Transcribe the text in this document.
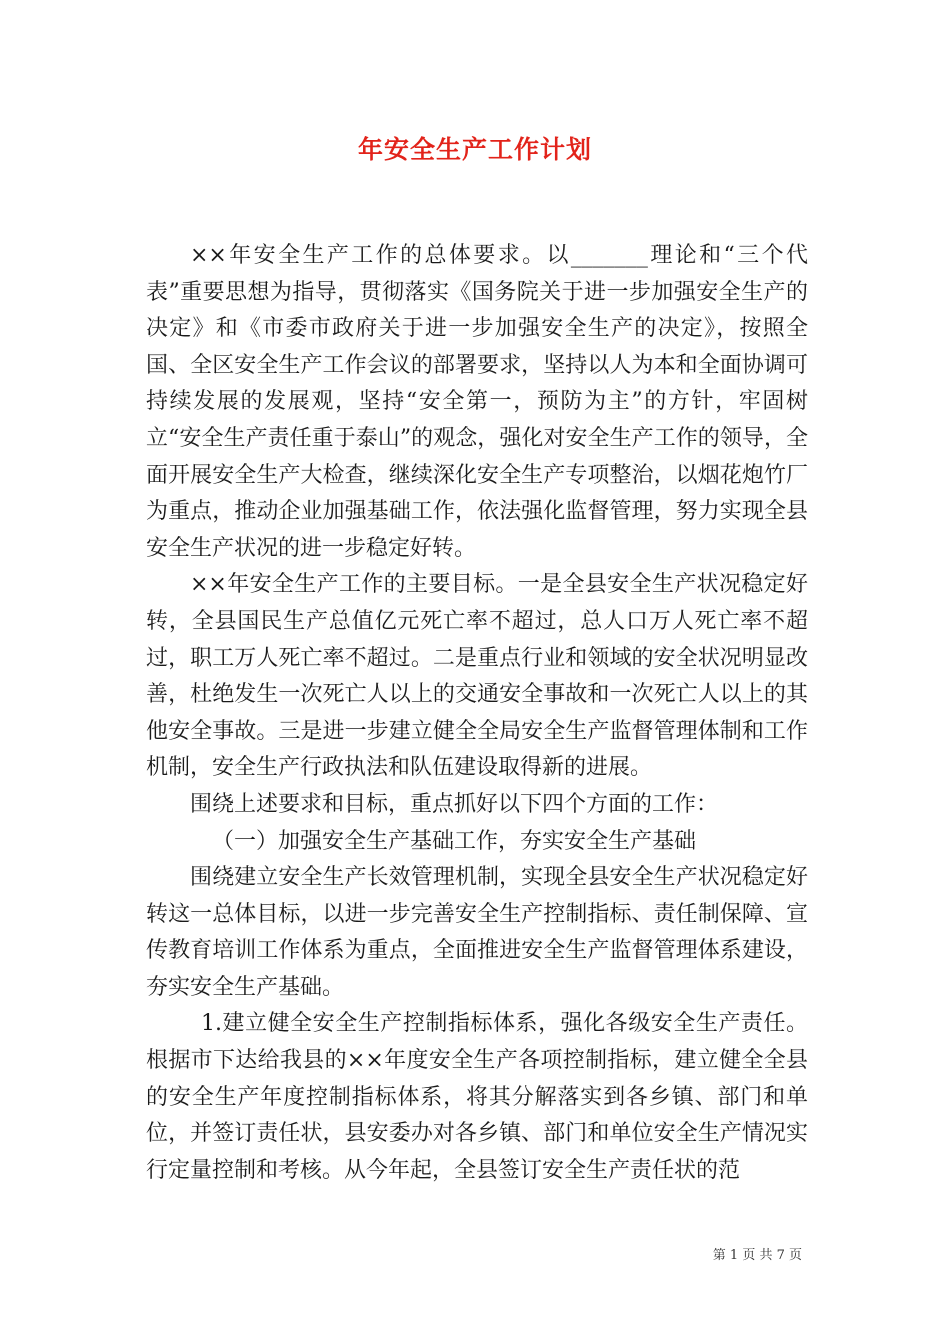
年安全生产工作计划

××年安全生产工作的总体要求。以_______理论和“三个代表”重要思想为指导，贯彻落实《国务院关于进一步加强安全生产的决定》和《市委市政府关于进一步加强安全生产的决定》，按照全国、全区安全生产工作会议的部署要求，坚持以人为本和全面协调可持续发展的发展观，坚持“安全第一，预防为主”的方针，牢固树立“安全生产责任重于泰山”的观念，强化对安全生产工作的领导，全面开展安全生产大检查，继续深化安全生产专项整治，以烟花炮竹厂为重点，推动企业加强基础工作，依法强化监督管理，努力实现全县安全生产状况的进一步稳定好转。

××年安全生产工作的主要目标。一是全县安全生产状况稳定好转，全县国民生产总值亿元死亡率不超过，总人口万人死亡率不超过，职工万人死亡率不超过。二是重点行业和领域的安全状况明显改善，杜绝发生一次死亡人以上的交通安全事故和一次死亡人以上的其他安全事故。三是进一步建立健全全局安全生产监督管理体制和工作机制，安全生产行政执法和队伍建设取得新的进展。

围绕上述要求和目标，重点抓好以下四个方面的工作：

（一）加强安全生产基础工作，夯实安全生产基础

围绕建立安全生产长效管理机制，实现全县安全生产状况稳定好转这一总体目标，以进一步完善安全生产控制指标、责任制保障、宣传教育培训工作体系为重点，全面推进安全生产监督管理体系建设，夯实安全生产基础。

1.建立健全安全生产控制指标体系，强化各级安全生产责任。根据市下达给我县的××年度安全生产各项控制指标，建立健全全县的安全生产年度控制指标体系，将其分解落实到各乡镇、部门和单位，并签订责任状，县安委办对各乡镇、部门和单位安全生产情况实行定量控制和考核。从今年起，全县签订安全生产责任状的范

第 1 页 共 7 页
